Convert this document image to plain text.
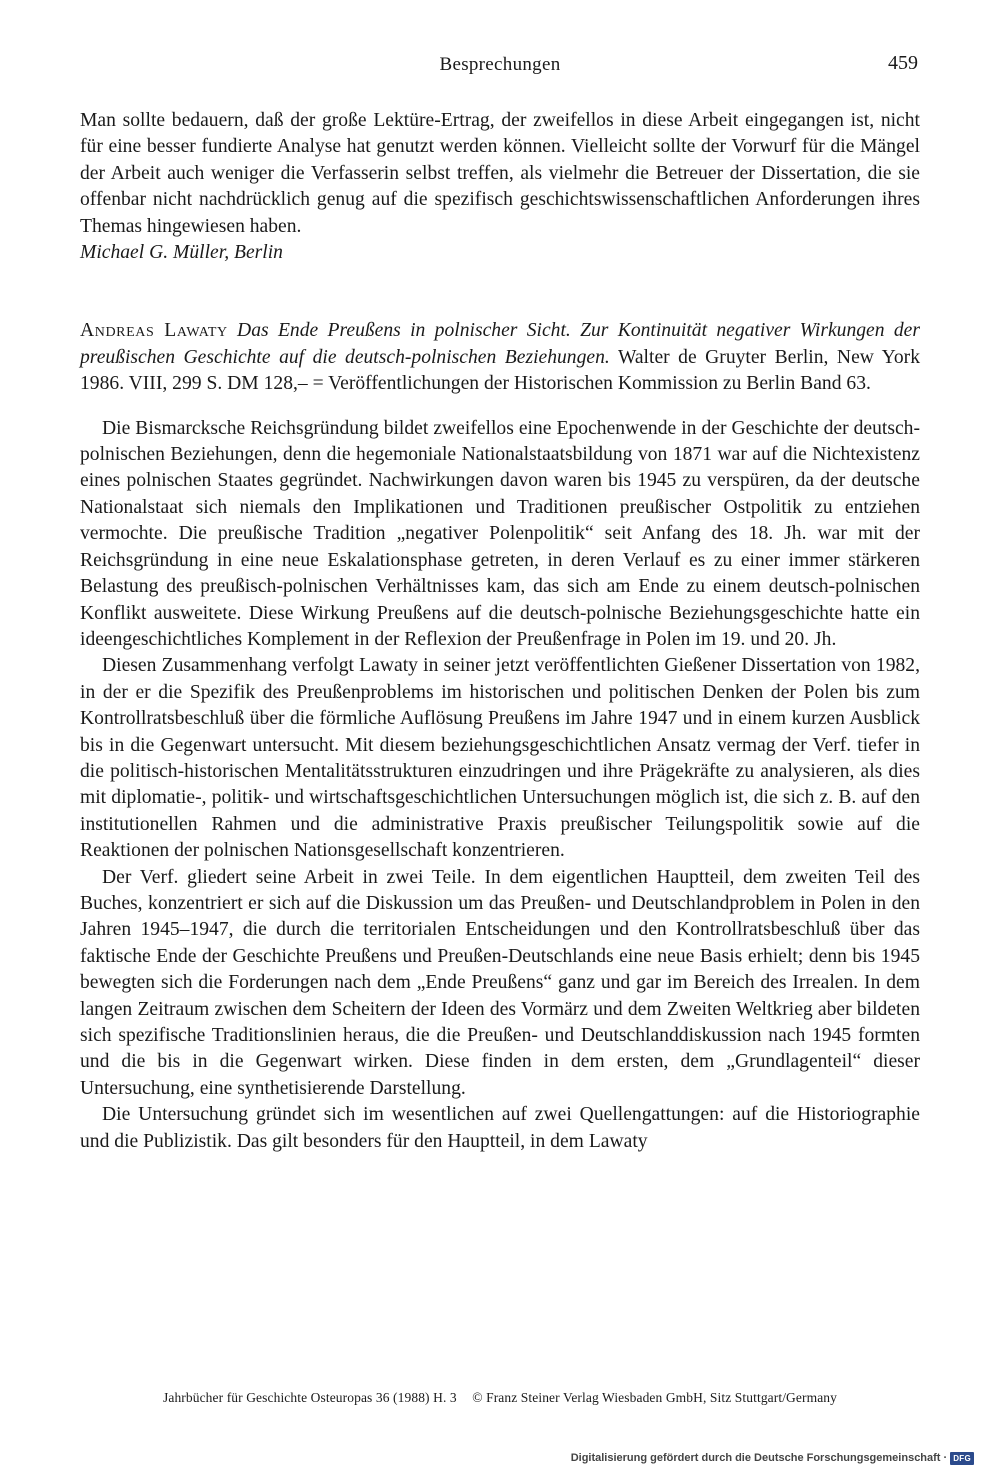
Besprechungen	459

Man sollte bedauern, daß der große Lektüre-Ertrag, der zweifellos in diese Arbeit eingegangen ist, nicht für eine besser fundierte Analyse hat genutzt werden können. Vielleicht sollte der Vorwurf für die Mängel der Arbeit auch weniger die Verfasserin selbst treffen, als vielmehr die Betreuer der Dissertation, die sie offenbar nicht nachdrücklich genug auf die spezifisch geschichtswissenschaftlichen Anforderungen ihres Themas hingewiesen haben.

Michael G. Müller, Berlin

Andreas Lawaty Das Ende Preußens in polnischer Sicht. Zur Kontinuität negativer Wirkungen der preußischen Geschichte auf die deutsch-polnischen Beziehungen. Walter de Gruyter Berlin, New York 1986. VIII, 299 S. DM 128,– = Veröffentlichungen der Historischen Kommission zu Berlin Band 63.

Die Bismarcksche Reichsgründung bildet zweifellos eine Epochenwende in der Geschichte der deutsch-polnischen Beziehungen, denn die hegemoniale Nationalstaatsbildung von 1871 war auf die Nichtexistenz eines polnischen Staates gegründet. Nachwirkungen davon waren bis 1945 zu verspüren, da der deutsche Nationalstaat sich niemals den Implikationen und Traditionen preußischer Ostpolitik zu entziehen vermochte. Die preußische Tradition „negativer Polenpolitik“ seit Anfang des 18. Jh. war mit der Reichsgründung in eine neue Eskalationsphase getreten, in deren Verlauf es zu einer immer stärkeren Belastung des preußisch-polnischen Verhältnisses kam, das sich am Ende zu einem deutsch-polnischen Konflikt ausweitete. Diese Wirkung Preußens auf die deutsch-polnische Beziehungsgeschichte hatte ein ideengeschichtliches Komplement in der Reflexion der Preußenfrage in Polen im 19. und 20. Jh.

Diesen Zusammenhang verfolgt Lawaty in seiner jetzt veröffentlichten Gießener Dissertation von 1982, in der er die Spezifik des Preußenproblems im historischen und politischen Denken der Polen bis zum Kontrollratsbeschluß über die förmliche Auflösung Preußens im Jahre 1947 und in einem kurzen Ausblick bis in die Gegenwart untersucht. Mit diesem beziehungsgeschichtlichen Ansatz vermag der Verf. tiefer in die politisch-historischen Mentalitätsstrukturen einzudringen und ihre Prägekräfte zu analysieren, als dies mit diplomatie-, politik- und wirtschaftsgeschichtlichen Untersuchungen möglich ist, die sich z. B. auf den institutionellen Rahmen und die administrative Praxis preußischer Teilungspolitik sowie auf die Reaktionen der polnischen Nationsgesellschaft konzentrieren.

Der Verf. gliedert seine Arbeit in zwei Teile. In dem eigentlichen Hauptteil, dem zweiten Teil des Buches, konzentriert er sich auf die Diskussion um das Preußen- und Deutschlandproblem in Polen in den Jahren 1945–1947, die durch die territorialen Entscheidungen und den Kontrollratsbeschluß über das faktische Ende der Geschichte Preußens und Preußen-Deutschlands eine neue Basis erhielt; denn bis 1945 bewegten sich die Forderungen nach dem „Ende Preußens“ ganz und gar im Bereich des Irrealen. In dem langen Zeitraum zwischen dem Scheitern der Ideen des Vormärz und dem Zweiten Weltkrieg aber bildeten sich spezifische Traditionslinien heraus, die die Preußen- und Deutschlanddiskussion nach 1945 formten und die bis in die Gegenwart wirken. Diese finden in dem ersten, dem „Grundlagenteil“ dieser Untersuchung, eine synthetisierende Darstellung.

Die Untersuchung gründet sich im wesentlichen auf zwei Quellengattungen: auf die Historiographie und die Publizistik. Das gilt besonders für den Hauptteil, in dem Lawaty

Jahrbücher für Geschichte Osteuropas 36 (1988) H. 3 © Franz Steiner Verlag Wiesbaden GmbH, Sitz Stuttgart/Germany
Digitalisierung gefördert durch die Deutsche Forschungsgemeinschaft · DFG
